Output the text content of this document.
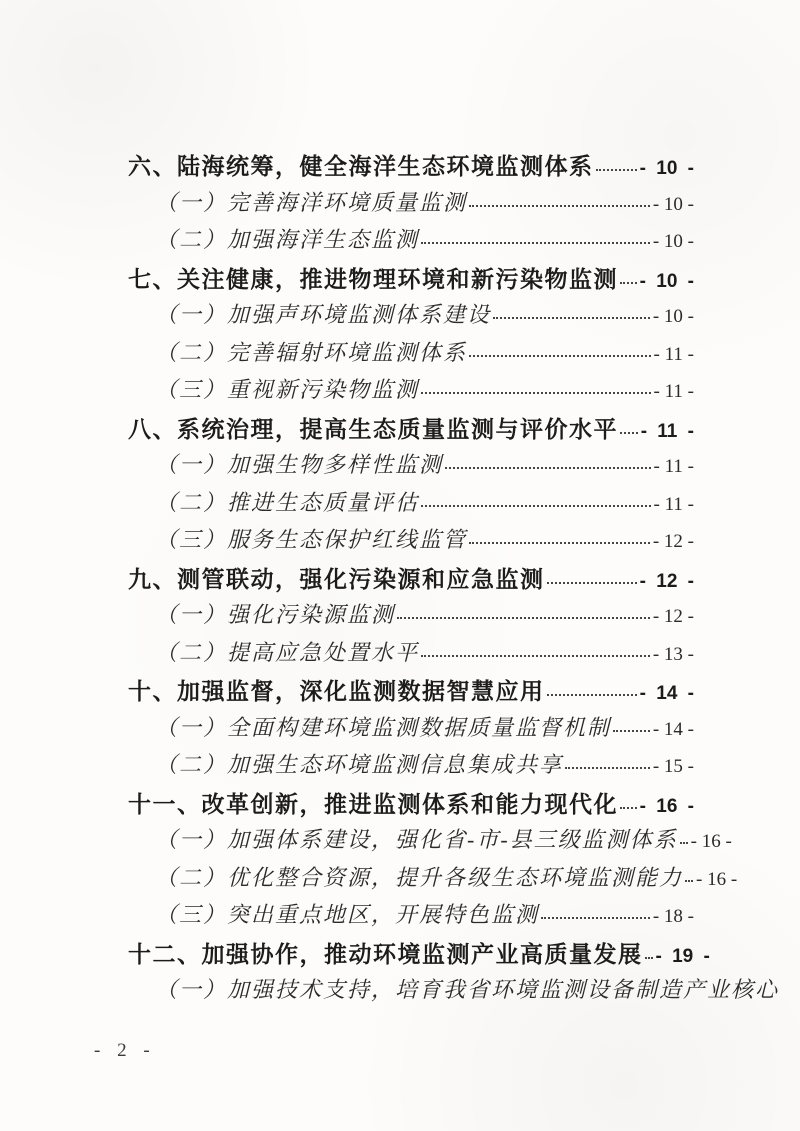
六、陆海统筹，健全海洋生态环境监测体系 - 10 -
（一）完善海洋环境质量监测	- 10 -
（二）加强海洋生态监测	- 10 -
七、关注健康，推进物理环境和新污染物监测 - 10 -
（一）加强声环境监测体系建设	- 10 -
（二）完善辐射环境监测体系	- 11 -
（三）重视新污染物监测	- 11 -
八、系统治理，提高生态质量监测与评价水平 - 11 -
（一）加强生物多样性监测	- 11 -
（二）推进生态质量评估	- 11 -
（三）服务生态保护红线监管	- 12 -
九、测管联动，强化污染源和应急监测	- 12 -
（一）强化污染源监测	- 12 -
（二）提高应急处置水平	- 13 -
十、加强监督，深化监测数据智慧应用	- 14 -
（一）全面构建环境监测数据质量监督机制 - 14 -
（二）加强生态环境监测信息集成共享	- 15 -
十一、改革创新，推进监测体系和能力现代化 - 16 -
（一）加强体系建设，强化省-市-县三级监测体系 - 16 -
（二）优化整合资源，提升各级生态环境监测能力 - 16 -
（三）突出重点地区，开展特色监测	- 18 -
十二、加强协作，推动环境监测产业高质量发展 - 19 -
（一）加强技术支持，培育我省环境监测设备制造产业核心
- 2 -
